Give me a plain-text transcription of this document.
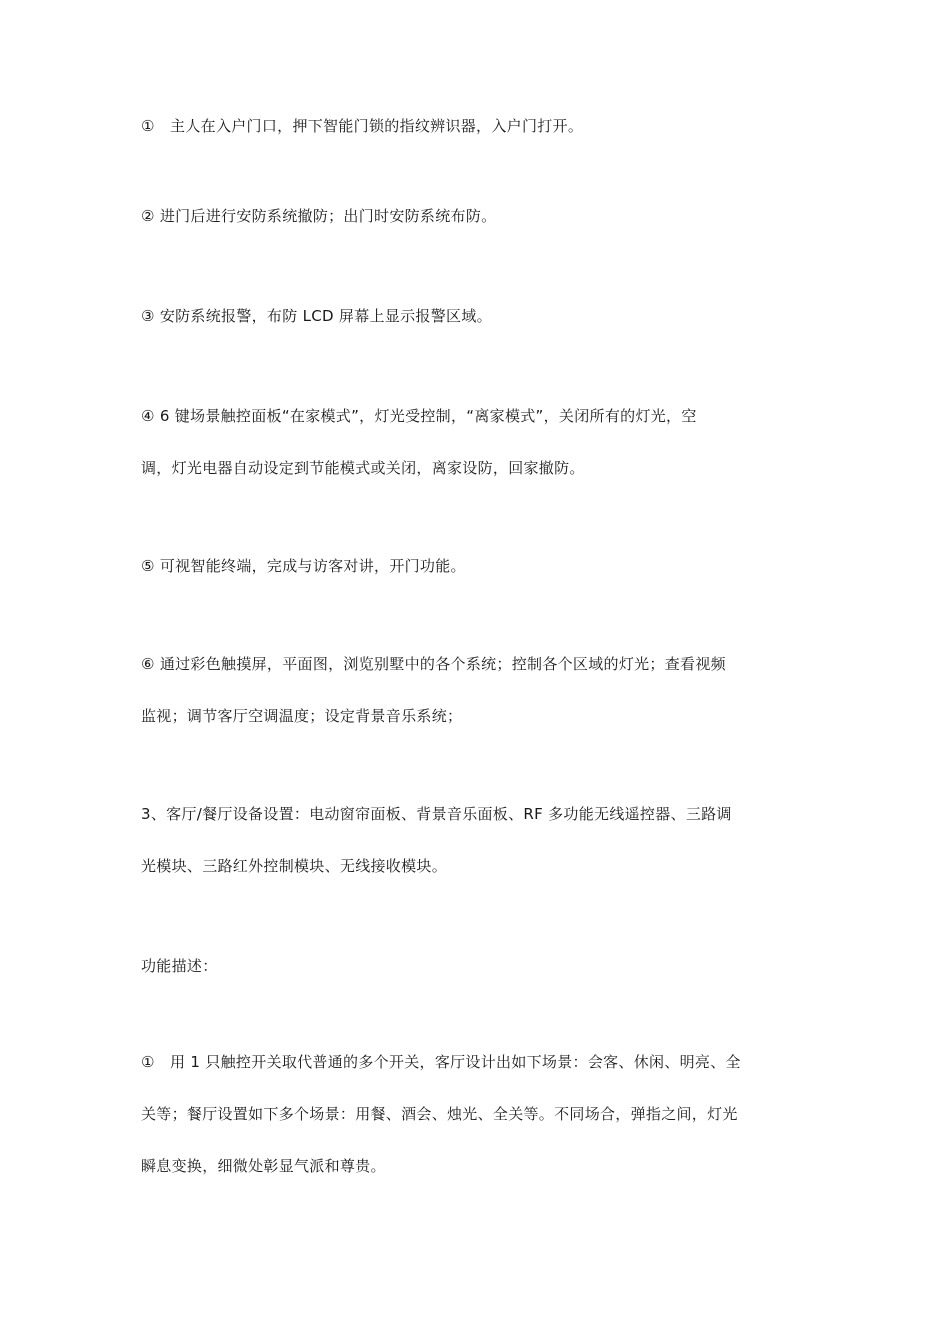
①　主人在入户门口，押下智能门锁的指纹辨识器，入户门打开。
② 进门后进行安防系统撤防；出门时安防系统布防。
③ 安防系统报警，布防 LCD 屏幕上显示报警区域。
④ 6 键场景触控面板“在家模式”，灯光受控制，“离家模式”，关闭所有的灯光，空
调，灯光电器自动设定到节能模式或关闭，离家设防，回家撤防。
⑤ 可视智能终端，完成与访客对讲，开门功能。
⑥ 通过彩色触摸屏，平面图，浏览别墅中的各个系统；控制各个区域的灯光；查看视频
监视；调节客厅空调温度；设定背景音乐系统；
3、客厅/餐厅设备设置：电动窗帘面板、背景音乐面板、RF 多功能无线遥控器、三路调
光模块、三路红外控制模块、无线接收模块。
功能描述：
①　用 1 只触控开关取代普通的多个开关，客厅设计出如下场景：会客、休闲、明亮、全
关等；餐厅设置如下多个场景：用餐、酒会、烛光、全关等。不同场合，弹指之间，灯光
瞬息变换，细微处彰显气派和尊贵。
